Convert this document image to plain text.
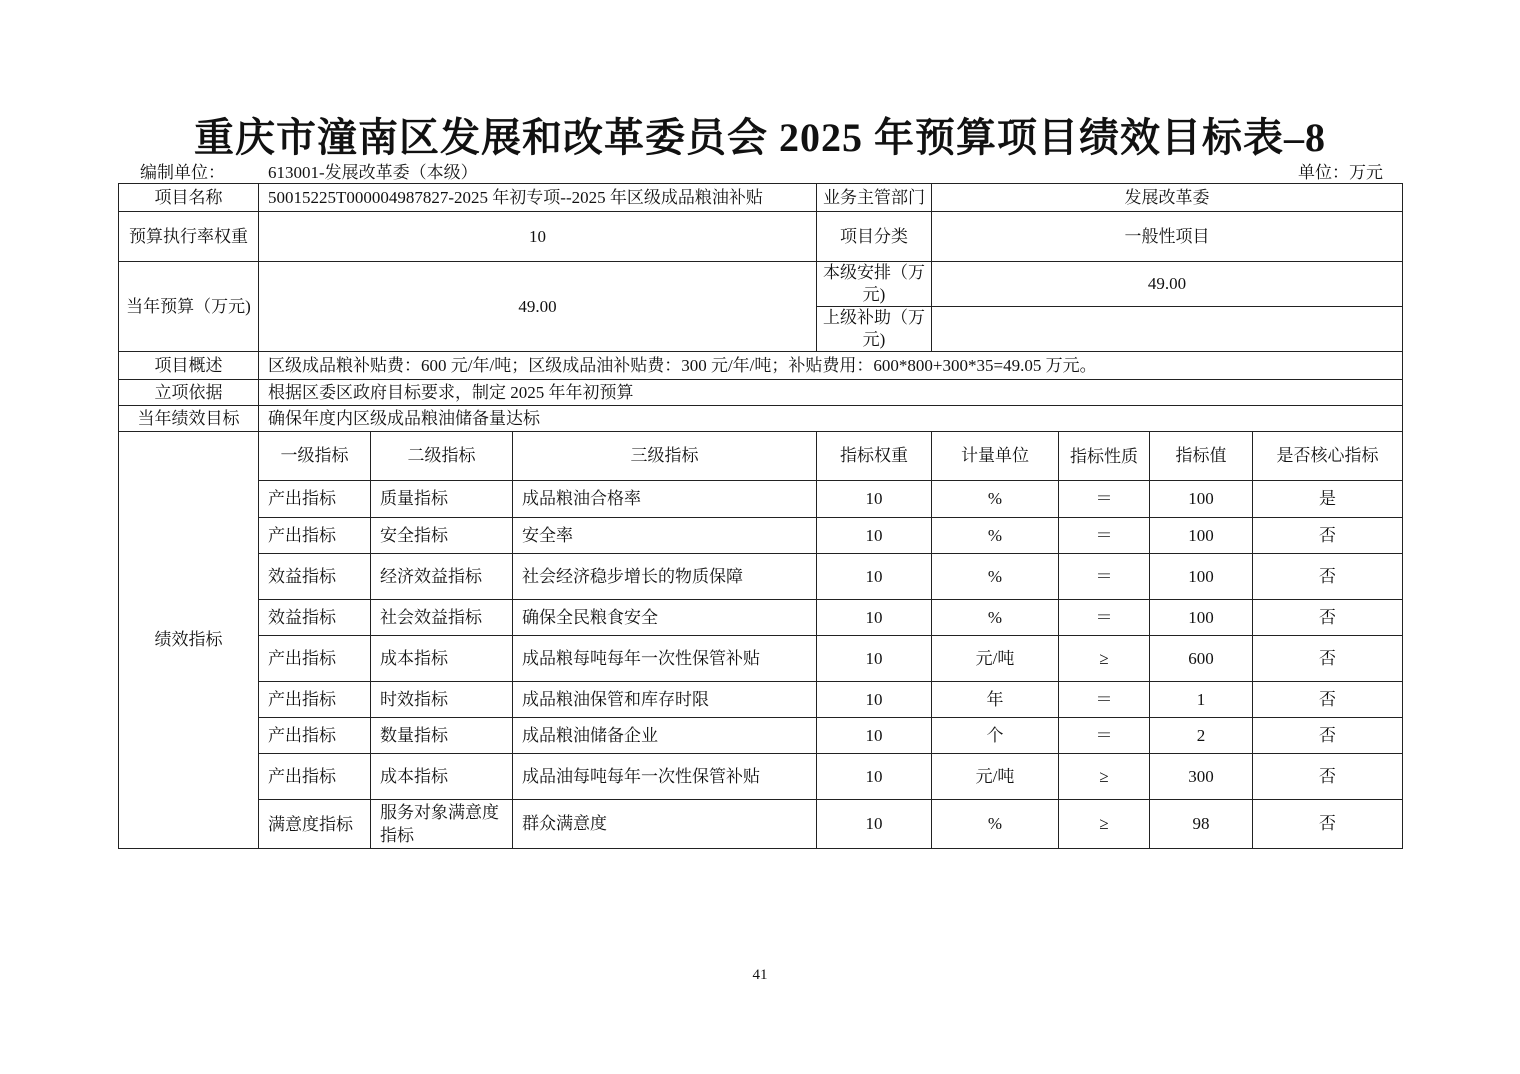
重庆市潼南区发展和改革委员会 2025 年预算项目绩效目标表–8
编制单位：	613001-发展改革委（本级）	单位：万元
项目名称	50015225T000004987827-2025 年初专项--2025 年区级成品粮油补贴			业务主管部门	发展改革委			
预算执行率权重	10			项目分类	一般性项目			
当年预算（万元)	49.00			本级安排（万元)	49.00			
				上级补助（万元)				
项目概述	区级成品粮补贴费：600 元/年/吨；区级成品油补贴费：300 元/年/吨；补贴费用：600*800+300*35=49.05 万元。							
立项依据	根据区委区政府目标要求，制定 2025 年年初预算							
当年绩效目标	确保年度内区级成品粮油储备量达标							
绩效指标	一级指标	二级指标	三级指标	指标权重	计量单位	指标性质	指标值	是否核心指标
	产出指标	质量指标	成品粮油合格率	10	%	＝	100	是
	产出指标	安全指标	安全率	10	%	＝	100	否
	效益指标	经济效益指标	社会经济稳步增长的物质保障	10	%	＝	100	否
	效益指标	社会效益指标	确保全民粮食安全	10	%	＝	100	否
	产出指标	成本指标	成品粮每吨每年一次性保管补贴	10	元/吨	≥	600	否
	产出指标	时效指标	成品粮油保管和库存时限	10	年	＝	1	否
	产出指标	数量指标	成品粮油储备企业	10	个	＝	2	否
	产出指标	成本指标	成品油每吨每年一次性保管补贴	10	元/吨	≥	300	否
	满意度指标	服务对象满意度指标	群众满意度	10	%	≥	98	否
41
